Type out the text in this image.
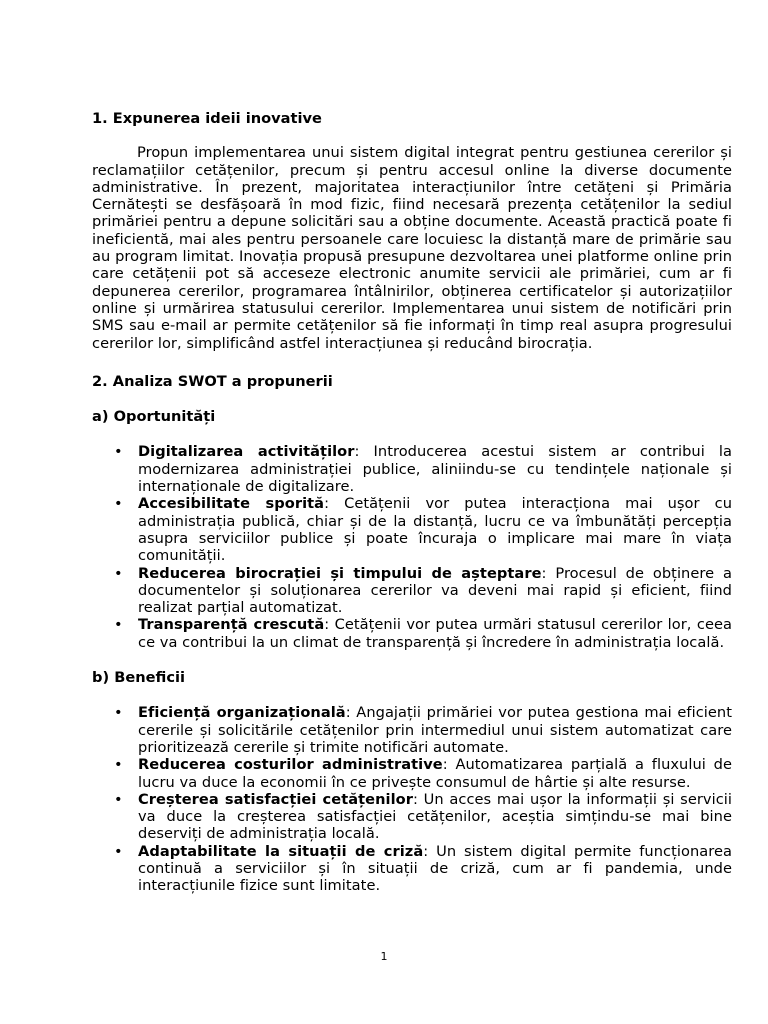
1. Expunerea ideii inovative

Propun implementarea unui sistem digital integrat pentru gestiunea cererilor și reclamațiilor cetățenilor, precum și pentru accesul online la diverse documente administrative. În prezent, majoritatea interacțiunilor între cetățeni și Primăria Cernătești se desfășoară în mod fizic, fiind necesară prezența cetățenilor la sediul primăriei pentru a depune solicitări sau a obține documente. Această practică poate fi ineficientă, mai ales pentru persoanele care locuiesc la distanță mare de primărie sau au program limitat. Inovația propusă presupune dezvoltarea unei platforme online prin care cetățenii pot să acceseze electronic anumite servicii ale primăriei, cum ar fi depunerea cererilor, programarea întâlnirilor, obținerea certificatelor și autorizațiilor online și urmărirea statusului cererilor. Implementarea unui sistem de notificări prin SMS sau e-mail ar permite cetățenilor să fie informați în timp real asupra progresului cererilor lor, simplificând astfel interacțiunea și reducând birocrația.

2. Analiza SWOT a propunerii
a) Oportunități
• Digitalizarea activităților: Introducerea acestui sistem ar contribui la modernizarea administrației publice, aliniindu-se cu tendințele naționale și internaționale de digitalizare.
• Accesibilitate sporită: Cetățenii vor putea interacționa mai ușor cu administrația publică, chiar și de la distanță, lucru ce va îmbunătăți percepția asupra serviciilor publice și poate încuraja o implicare mai mare în viața comunității.
• Reducerea birocrației și timpului de așteptare: Procesul de obținere a documentelor și soluționarea cererilor va deveni mai rapid și eficient, fiind realizat parțial automatizat.
• Transparență crescută: Cetățenii vor putea urmări statusul cererilor lor, ceea ce va contribui la un climat de transparență și încredere în administrația locală.
b) Beneficii
• Eficiență organizațională: Angajații primăriei vor putea gestiona mai eficient cererile și solicitările cetățenilor prin intermediul unui sistem automatizat care prioritizează cererile și trimite notificări automate.
• Reducerea costurilor administrative: Automatizarea parțială a fluxului de lucru va duce la economii în ce privește consumul de hârtie și alte resurse.
• Creșterea satisfacției cetățenilor: Un acces mai ușor la informații și servicii va duce la creșterea satisfacției cetățenilor, aceștia simțindu-se mai bine deserviți de administrația locală.
• Adaptabilitate la situații de criză: Un sistem digital permite funcționarea continuă a serviciilor și în situații de criză, cum ar fi pandemia, unde interacțiunile fizice sunt limitate.
1
